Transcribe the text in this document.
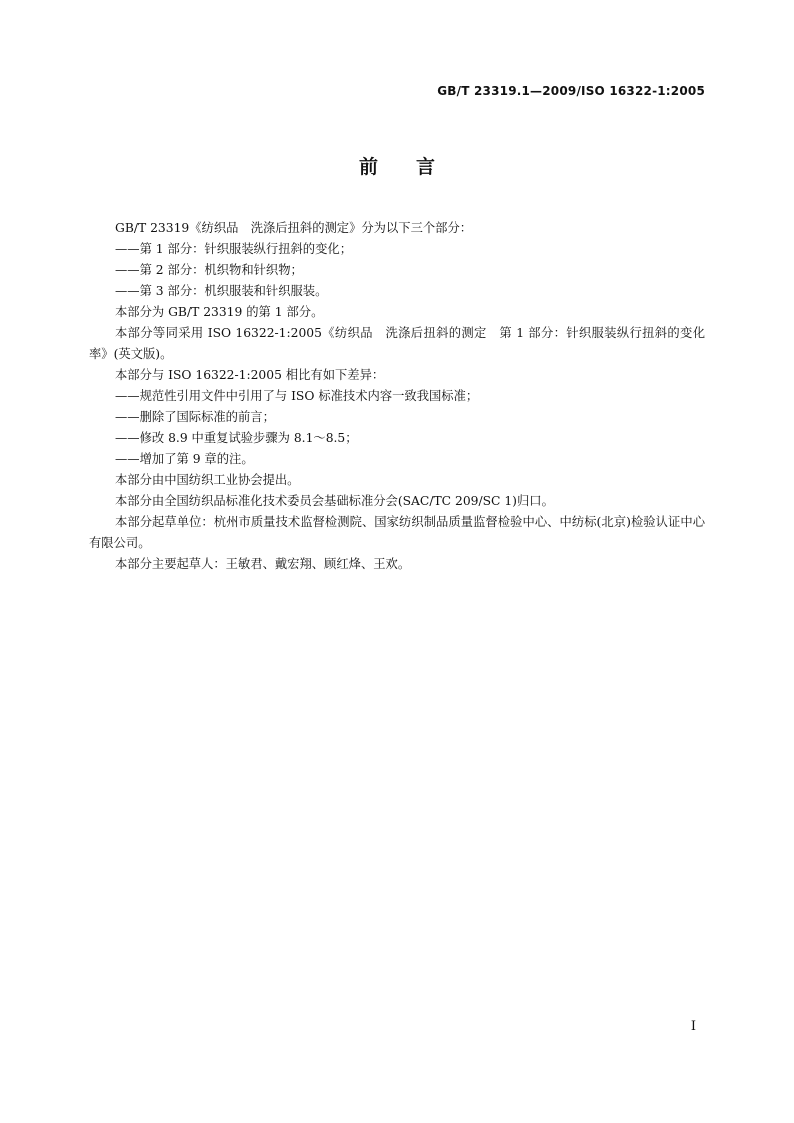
GB/T 23319.1—2009/ISO 16322-1:2005
前 言

GB/T 23319《纺织品　洗涤后扭斜的测定》分为以下三个部分：

——第 1 部分：针织服装纵行扭斜的变化；

——第 2 部分：机织物和针织物；

——第 3 部分：机织服装和针织服装。

本部分为 GB/T 23319 的第 1 部分。

本部分等同采用 ISO 16322-1:2005《纺织品　洗涤后扭斜的测定　第 1 部分：针织服装纵行扭斜的变化率》(英文版)。

本部分与 ISO 16322-1:2005 相比有如下差异：

——规范性引用文件中引用了与 ISO 标准技术内容一致我国标准；

——删除了国际标准的前言；

——修改 8.9 中重复试验步骤为 8.1～8.5；

——增加了第 9 章的注。

本部分由中国纺织工业协会提出。

本部分由全国纺织品标准化技术委员会基础标准分会(SAC/TC 209/SC 1)归口。

本部分起草单位：杭州市质量技术监督检测院、国家纺织制品质量监督检验中心、中纺标(北京)检验认证中心有限公司。

本部分主要起草人：王敏君、戴宏翔、顾红烽、王欢。

I
